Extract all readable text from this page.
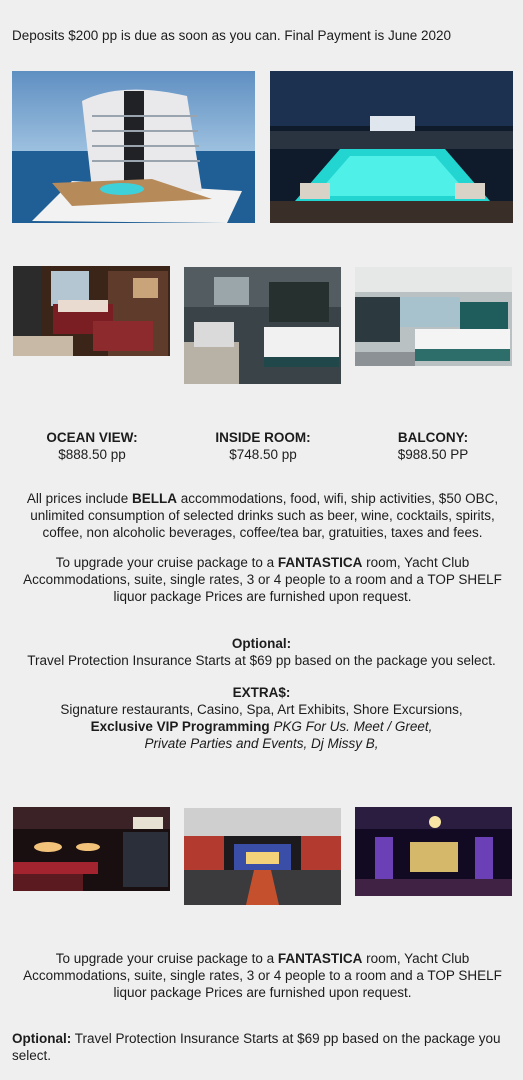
Deposits $200 pp is due as soon as you can. Final Payment is June 2020

OCEAN VIEW:
$888.50 pp
INSIDE ROOM:
$748.50 pp
BALCONY:
$988.50 PP

All prices include BELLA accommodations, food, wifi, ship activities, $50 OBC, unlimited consumption of selected drinks such as beer, wine, cocktails, spirits, coffee, non alcoholic beverages, coffee/tea bar, gratuities, taxes and fees.

To upgrade your cruise package to a FANTASTICA room, Yacht Club Accommodations, suite, single rates, 3 or 4 people to a room and a TOP SHELF liquor package Prices are furnished upon request.

Optional:
Travel Protection Insurance Starts at $69 pp based on the package you select.
EXTRA$:
Signature restaurants, Casino, Spa, Art Exhibits, Shore Excursions,
Exclusive VIP Programming PKG For Us. Meet / Greet,
Private Parties and Events, Dj Missy B,

To upgrade your cruise package to a FANTASTICA room, Yacht Club Accommodations, suite, single rates, 3 or 4 people to a room and a TOP SHELF liquor package Prices are furnished upon request.

Optional: Travel Protection Insurance Starts at $69 pp based on the package you select.
